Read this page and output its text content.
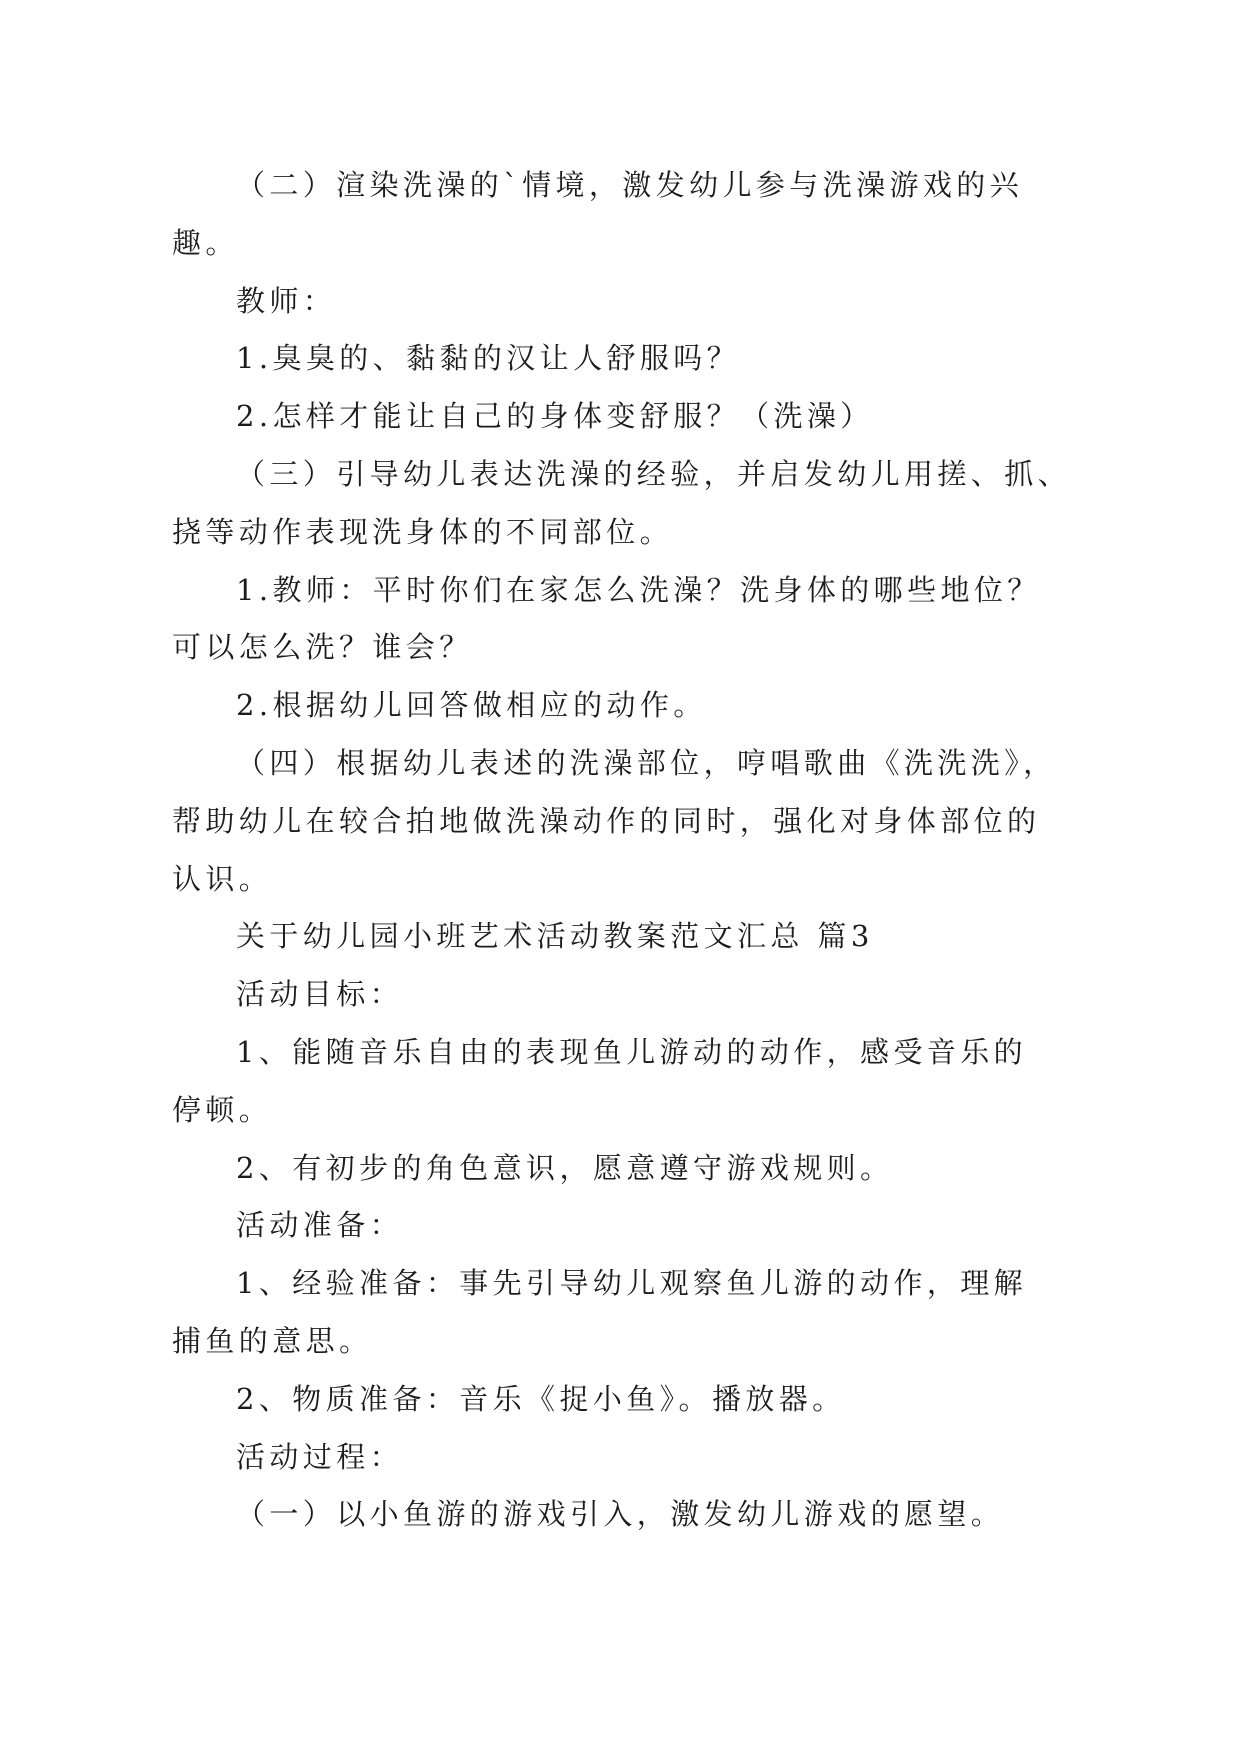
（二）渲染洗澡的`情境，激发幼儿参与洗澡游戏的兴
趣。
教师：
1.臭臭的、黏黏的汉让人舒服吗？
2.怎样才能让自己的身体变舒服？（洗澡）
（三）引导幼儿表达洗澡的经验，并启发幼儿用搓、抓、
挠等动作表现洗身体的不同部位。
1.教师：平时你们在家怎么洗澡？洗身体的哪些地位？
可以怎么洗？谁会？
2.根据幼儿回答做相应的动作。
（四）根据幼儿表述的洗澡部位，哼唱歌曲《洗洗洗》，
帮助幼儿在较合拍地做洗澡动作的同时，强化对身体部位的
认识。
关于幼儿园小班艺术活动教案范文汇总 篇3
活动目标：
1、能随音乐自由的表现鱼儿游动的动作，感受音乐的
停顿。
2、有初步的角色意识，愿意遵守游戏规则。
活动准备：
1、经验准备：事先引导幼儿观察鱼儿游的动作，理解
捕鱼的意思。
2、物质准备：音乐《捉小鱼》。播放器。
活动过程：
（一）以小鱼游的游戏引入，激发幼儿游戏的愿望。
